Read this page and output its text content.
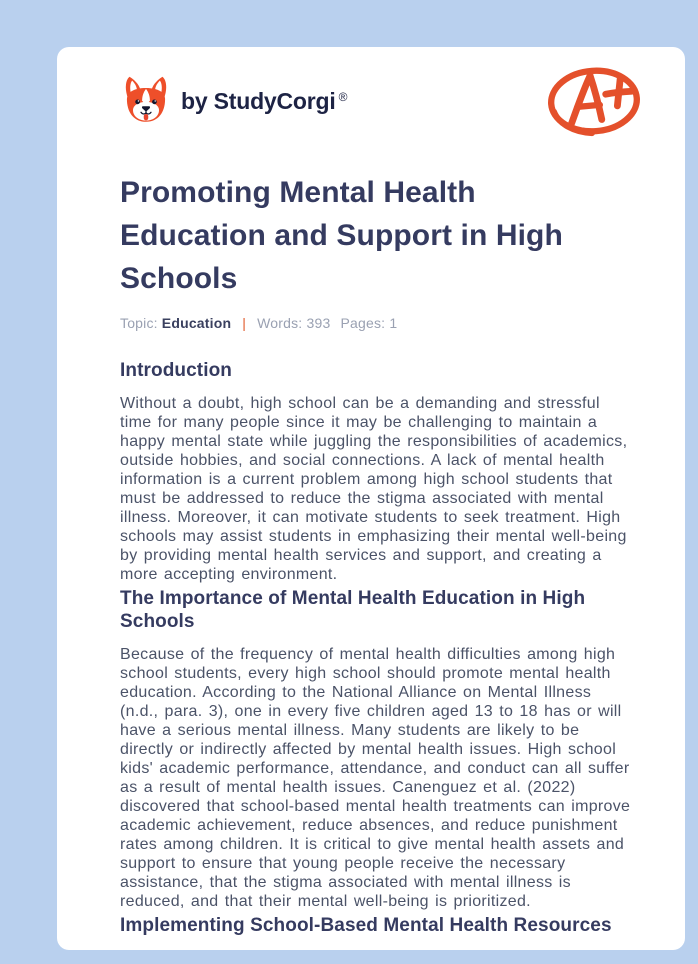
by StudyCorgi ®
Promoting Mental Health Education and Support in High Schools
Topic: Education | Words: 393 Pages: 1
Introduction

Without a doubt, high school can be a demanding and stressful time for many people since it may be challenging to maintain a happy mental state while juggling the responsibilities of academics, outside hobbies, and social connections. A lack of mental health information is a current problem among high school students that must be addressed to reduce the stigma associated with mental illness. Moreover, it can motivate students to seek treatment. High schools may assist students in emphasizing their mental well-being by providing mental health services and support, and creating a more accepting environment.

The Importance of Mental Health Education in High Schools

Because of the frequency of mental health difficulties among high school students, every high school should promote mental health education. According to the National Alliance on Mental Illness (n.d., para. 3), one in every five children aged 13 to 18 has or will have a serious mental illness. Many students are likely to be directly or indirectly affected by mental health issues. High school kids' academic performance, attendance, and conduct can all suffer as a result of mental health issues. Canenguez et al. (2022) discovered that school-based mental health treatments can improve academic achievement, reduce absences, and reduce punishment rates among children. It is critical to give mental health assets and support to ensure that young people receive the necessary assistance, that the stigma associated with mental illness is reduced, and that their mental well-being is prioritized.

Implementing School-Based Mental Health Resources
